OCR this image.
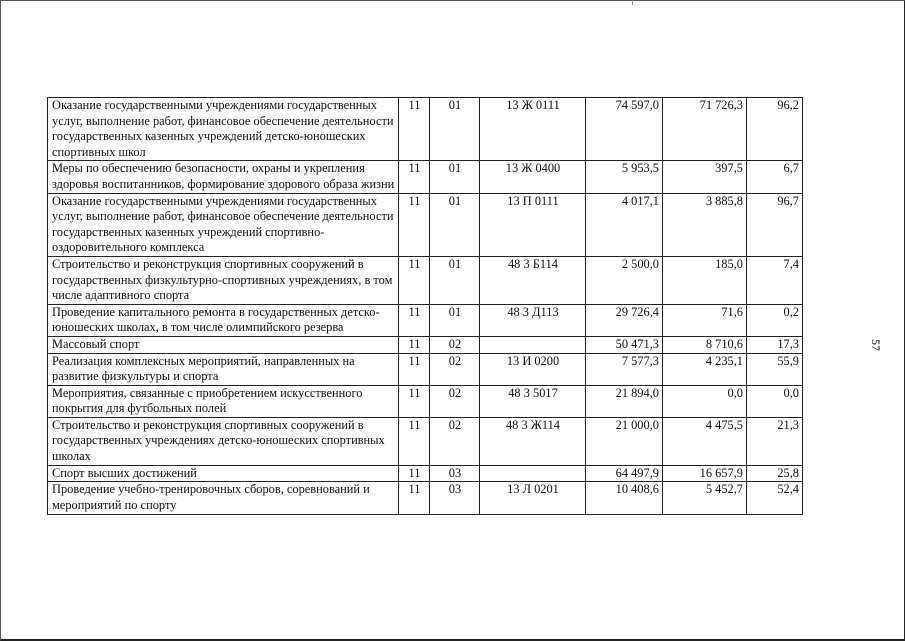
Оказание государственными учреждениями государственных услуг, выполнение работ, финансовое обеспечение деятельности государственных казенных учреждений детско-юношеских спортивных школ	11	01	13 Ж 0111	74 597,0	71 726,3	96,2
Меры по обеспечению безопасности, охраны и укрепления здоровья воспитанников, формирование здорового образа жизни	11	01	13 Ж 0400	5 953,5	397,5	6,7
Оказание государственными учреждениями государственных услуг, выполнение работ, финансовое обеспечение деятельности государственных казенных учреждений спортивно-оздоровительного комплекса	11	01	13 П 0111	4 017,1	3 885,8	96,7
Строительство и реконструкция спортивных сооружений в государственных физкультурно-спортивных учреждениях, в том числе адаптивного спорта	11	01	48 3 Б114	2 500,0	185,0	7,4
Проведение капитального ремонта в государственных детско-юношеских школах, в том числе олимпийского резерва	11	01	48 3 Д113	29 726,4	71,6	0,2
Массовый спорт	11	02		50 471,3	8 710,6	17,3
Реализация комплексных мероприятий, направленных на развитие физкультуры и спорта	11	02	13 И 0200	7 577,3	4 235,1	55,9
Мероприятия, связанные с приобретением искусственного покрытия для футбольных полей	11	02	48 3 5017	21 894,0	0,0	0,0
Строительство и реконструкция спортивных сооружений в государственных учреждениях детско-юношеских спортивных школах	11	02	48 3 Ж114	21 000,0	4 475,5	21,3
Спорт высших достижений	11	03		64 497,9	16 657,9	25,8
Проведение учебно-тренировочных сборов, соревнований и мероприятий по спорту	11	03	13 Л 0201	10 408,6	5 452,7	52,4
57
